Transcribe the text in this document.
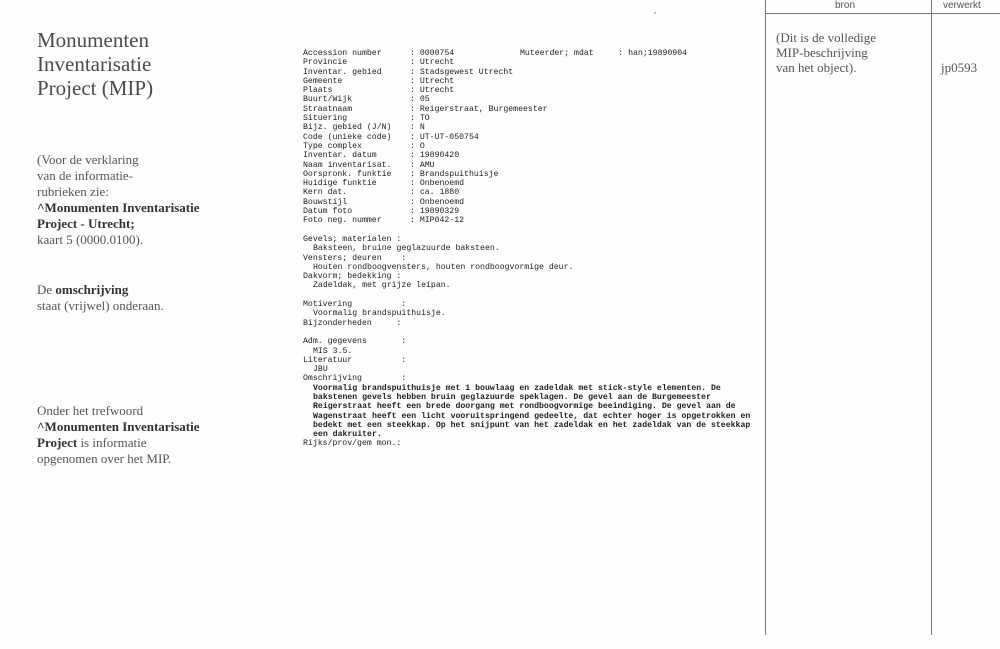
Monumenten
Inventarisatie
Project (MIP)
(Voor de verklaring
van de informatie-
rubrieken zie:
^Monumenten Inventarisatie
Project - Utrecht;
kaart 5 (0000.0100).
De omschrijving
staat (vrijwel) onderaan.
Onder het trefwoord
^Monumenten Inventarisatie
Project is informatie
opgenomen over het MIP.
Muteerder; mdat     : han;19890904
Accession number	: 0000754
Provincie	: Utrecht
Inventar. gebied	: Stadsgewest Utrecht
Gemeente	: Utrecht
Plaats	: Utrecht
Buurt/Wijk	: 05
Straatnaam	: Reigerstraat, Burgemeester
Situering	: TO
Bijz. gebied (J/N) : N
Code (unieke code) : UT-UT-050754
Type complex	: O
Inventar. datum	: 19890420
Naam inventarisat. : AMU
Oorspronk. funktie : Brandspuithuisje
Huidige funktie	: Onbenoemd
Kern dat.	: ca. 1880
Bouwstijl	: Onbenoemd
Datum foto	: 19890329
Foto neg. nummer	: MIP042-12
Gevels; materialen :
Baksteen, bruine geglazuurde baksteen.
Vensters; deuren    :
Houten rondboogvensters, houten rondboogvormige deur.
Dakvorm; bedekking :
Zadeldak, met grijze leipan.
Motivering          :
Voormalig brandspuithuisje.
Bijzonderheden     :
Adm. gegevens       :
MIS 3.5.
Literatuur          :
JBU
Omschrijving        :
Voormalig brandspuithuisje met 1 bouwlaag en zadeldak met stick-style elementen. De bakstenen gevels hebben bruin geglazuurde speklagen. De gevel aan de Burgemeester Reigerstraat heeft een brede doorgang met rondboogvormige beeindiging. De gevel aan de Wagenstraat heeft een licht vooruitspringend gedeelte, dat echter hoger is opgetrokken en bedekt met een steekkap. Op het snijpunt van het zadeldak en het zadeldak van de steekkap een dakruiter.
Rijks/prov/gem mon.:
bron	verwerkt
(Dit is de volledige
MIP-beschrijving
van het object).	jp0593
